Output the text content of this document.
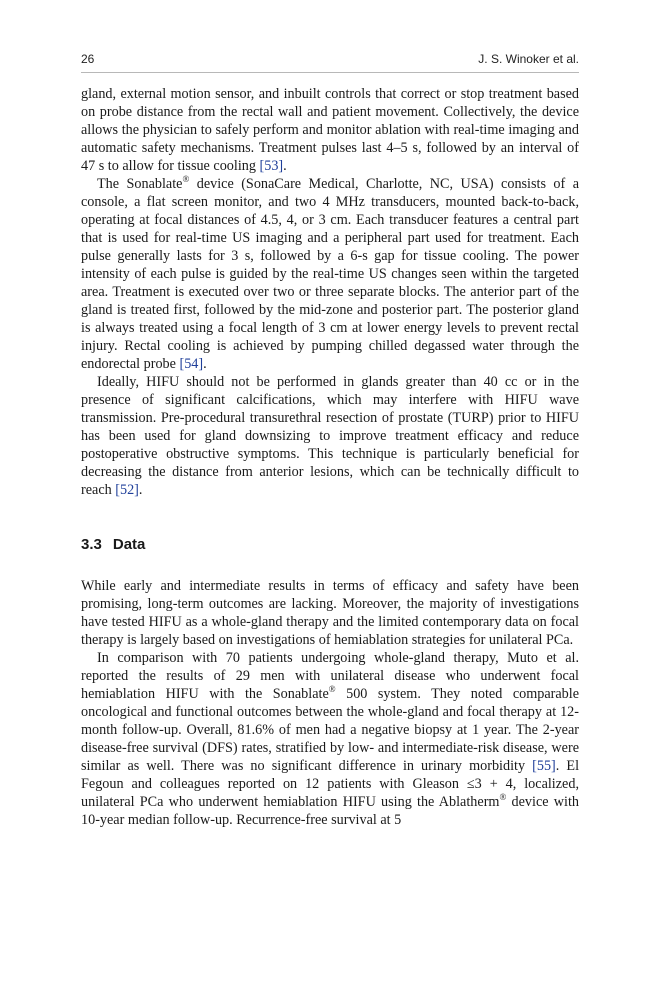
26	J. S. Winoker et al.

gland, external motion sensor, and inbuilt controls that correct or stop treatment based on probe distance from the rectal wall and patient movement. Collectively, the device allows the physician to safely perform and monitor ablation with real-time imaging and automatic safety mechanisms. Treatment pulses last 4–5 s, followed by an interval of 47 s to allow for tissue cooling [53].

The Sonablate® device (SonaCare Medical, Charlotte, NC, USA) consists of a console, a flat screen monitor, and two 4 MHz transducers, mounted back-to-back, operating at focal distances of 4.5, 4, or 3 cm. Each transducer features a central part that is used for real-time US imaging and a peripheral part used for treatment. Each pulse generally lasts for 3 s, followed by a 6-s gap for tissue cooling. The power intensity of each pulse is guided by the real-time US changes seen within the targeted area. Treatment is executed over two or three separate blocks. The anterior part of the gland is treated first, followed by the mid-zone and posterior part. The posterior gland is always treated using a focal length of 3 cm at lower energy levels to prevent rectal injury. Rectal cooling is achieved by pumping chilled degassed water through the endorectal probe [54].

Ideally, HIFU should not be performed in glands greater than 40 cc or in the presence of significant calcifications, which may interfere with HIFU wave transmission. Pre-procedural transurethral resection of prostate (TURP) prior to HIFU has been used for gland downsizing to improve treatment efficacy and reduce postoperative obstructive symptoms. This technique is particularly beneficial for decreasing the distance from anterior lesions, which can be technically difficult to reach [52].

3.3 Data

While early and intermediate results in terms of efficacy and safety have been promising, long-term outcomes are lacking. Moreover, the majority of investigations have tested HIFU as a whole-gland therapy and the limited contemporary data on focal therapy is largely based on investigations of hemiablation strategies for unilateral PCa.

In comparison with 70 patients undergoing whole-gland therapy, Muto et al. reported the results of 29 men with unilateral disease who underwent focal hemiablation HIFU with the Sonablate® 500 system. They noted comparable oncological and functional outcomes between the whole-gland and focal therapy at 12-month follow-up. Overall, 81.6% of men had a negative biopsy at 1 year. The 2-year disease-free survival (DFS) rates, stratified by low- and intermediate-risk disease, were similar as well. There was no significant difference in urinary morbidity [55]. El Fegoun and colleagues reported on 12 patients with Gleason ≤3 + 4, localized, unilateral PCa who underwent hemiablation HIFU using the Ablatherm® device with 10-year median follow-up. Recurrence-free survival at 5
